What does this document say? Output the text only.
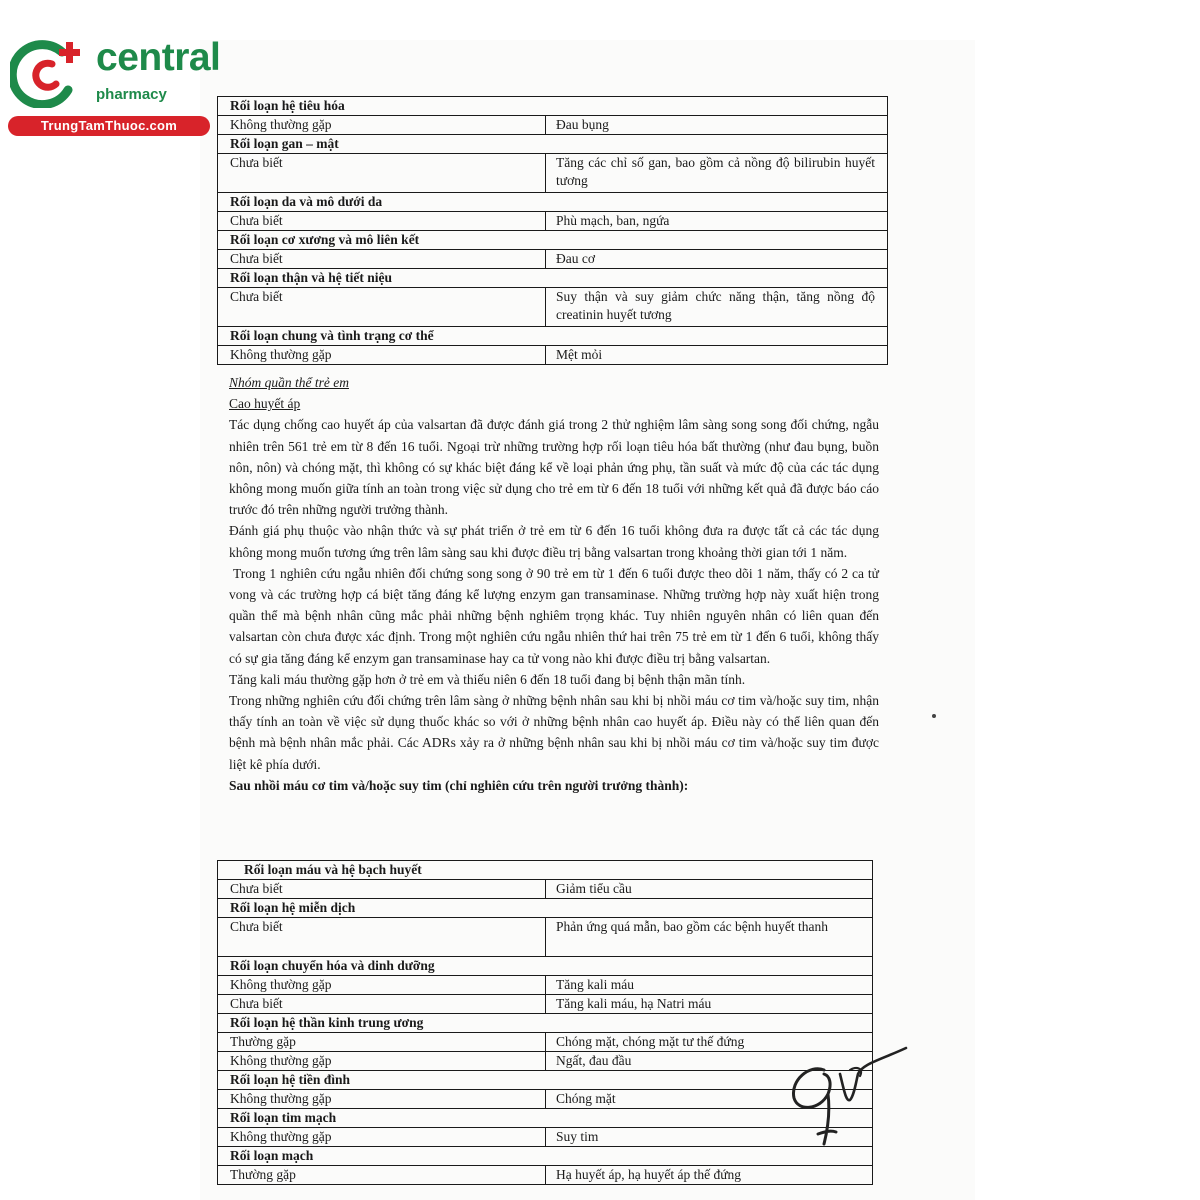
central
pharmacy
TrungTamThuoc.com
Rối loạn hệ tiêu hóa	
Không thường gặp	Đau bụng
Rối loạn gan – mật	
Chưa biết	Tăng các chỉ số gan, bao gồm cả nồng độ bilirubin huyết tương
Rối loạn da và mô dưới da	
Chưa biết	Phù mạch, ban, ngứa
Rối loạn cơ xương và mô liên kết	
Chưa biết	Đau cơ
Rối loạn thận và hệ tiết niệu	
Chưa biết	Suy thận và suy giảm chức năng thận, tăng nồng độ creatinin huyết tương
Rối loạn chung và tình trạng cơ thể	
Không thường gặp	Mệt mỏi

Nhóm quần thể trẻ em

Cao huyết áp

Tác dụng chống cao huyết áp của valsartan đã được đánh giá trong 2 thử nghiệm lâm sàng song song đối chứng, ngẫu nhiên trên 561 trẻ em từ 8 đến 16 tuổi. Ngoại trừ những trường hợp rối loạn tiêu hóa bất thường (như đau bụng, buồn nôn, nôn) và chóng mặt, thì không có sự khác biệt đáng kể về loại phản ứng phụ, tần suất và mức độ của các tác dụng không mong muốn giữa tính an toàn trong việc sử dụng cho trẻ em từ 6 đến 18 tuổi với những kết quả đã được báo cáo trước đó trên những người trưởng thành.

Đánh giá phụ thuộc vào nhận thức và sự phát triển ở trẻ em từ 6 đến 16 tuổi không đưa ra được tất cả các tác dụng không mong muốn tương ứng trên lâm sàng sau khi được điều trị bằng valsartan trong khoảng thời gian tới 1 năm.

Trong 1 nghiên cứu ngẫu nhiên đối chứng song song ở 90 trẻ em từ 1 đến 6 tuổi được theo dõi 1 năm, thấy có 2 ca tử vong và các trường hợp cá biệt tăng đáng kể lượng enzym gan transaminase. Những trường hợp này xuất hiện trong quần thể mà bệnh nhân cũng mắc phải những bệnh nghiêm trọng khác. Tuy nhiên nguyên nhân có liên quan đến valsartan còn chưa được xác định. Trong một nghiên cứu ngẫu nhiên thứ hai trên 75 trẻ em từ 1 đến 6 tuổi, không thấy có sự gia tăng đáng kể enzym gan transaminase hay ca tử vong nào khi được điều trị bằng valsartan.

Tăng kali máu thường gặp hơn ở trẻ em và thiếu niên 6 đến 18 tuổi đang bị bệnh thận mãn tính.

Trong những nghiên cứu đối chứng trên lâm sàng ở những bệnh nhân sau khi bị nhồi máu cơ tim và/hoặc suy tim, nhận thấy tính an toàn về việc sử dụng thuốc khác so với ở những bệnh nhân cao huyết áp. Điều này có thể liên quan đến bệnh mà bệnh nhân mắc phải. Các ADRs xảy ra ở những bệnh nhân sau khi bị nhồi máu cơ tim và/hoặc suy tim được liệt kê phía dưới.

Sau nhồi máu cơ tim và/hoặc suy tim (chỉ nghiên cứu trên người trưởng thành):

Rối loạn máu và hệ bạch huyết	
Chưa biết	Giảm tiểu cầu
Rối loạn hệ miễn dịch	
Chưa biết	Phản ứng quá mẫn, bao gồm các bệnh huyết thanh
Rối loạn chuyển hóa và dinh dưỡng	
Không thường gặp	Tăng kali máu
Chưa biết	Tăng kali máu, hạ Natri máu
Rối loạn hệ thần kinh trung ương	
Thường gặp	Chóng mặt, chóng mặt tư thế đứng
Không thường gặp	Ngất, đau đầu
Rối loạn hệ tiền đình	
Không thường gặp	Chóng mặt
Rối loạn tim mạch	
Không thường gặp	Suy tim
Rối loạn mạch	
Thường gặp	Hạ huyết áp, hạ huyết áp thế đứng
